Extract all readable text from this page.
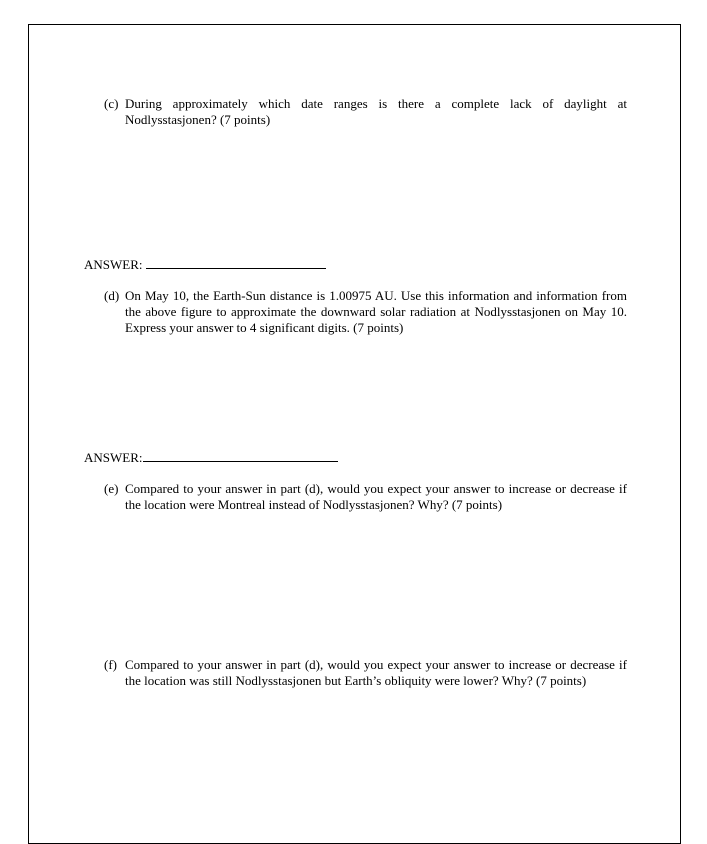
(c) During approximately which date ranges is there a complete lack of daylight at Nodlysstasjonen? (7 points)
ANSWER:
(d) On May 10, the Earth-Sun distance is 1.00975 AU. Use this information and information from the above figure to approximate the downward solar radiation at Nodlysstasjonen on May 10. Express your answer to 4 significant digits. (7 points)
ANSWER:
(e) Compared to your answer in part (d), would you expect your answer to increase or decrease if the location were Montreal instead of Nodlysstasjonen? Why? (7 points)
(f) Compared to your answer in part (d), would you expect your answer to increase or decrease if the location was still Nodlysstasjonen but Earth’s obliquity were lower? Why? (7 points)
